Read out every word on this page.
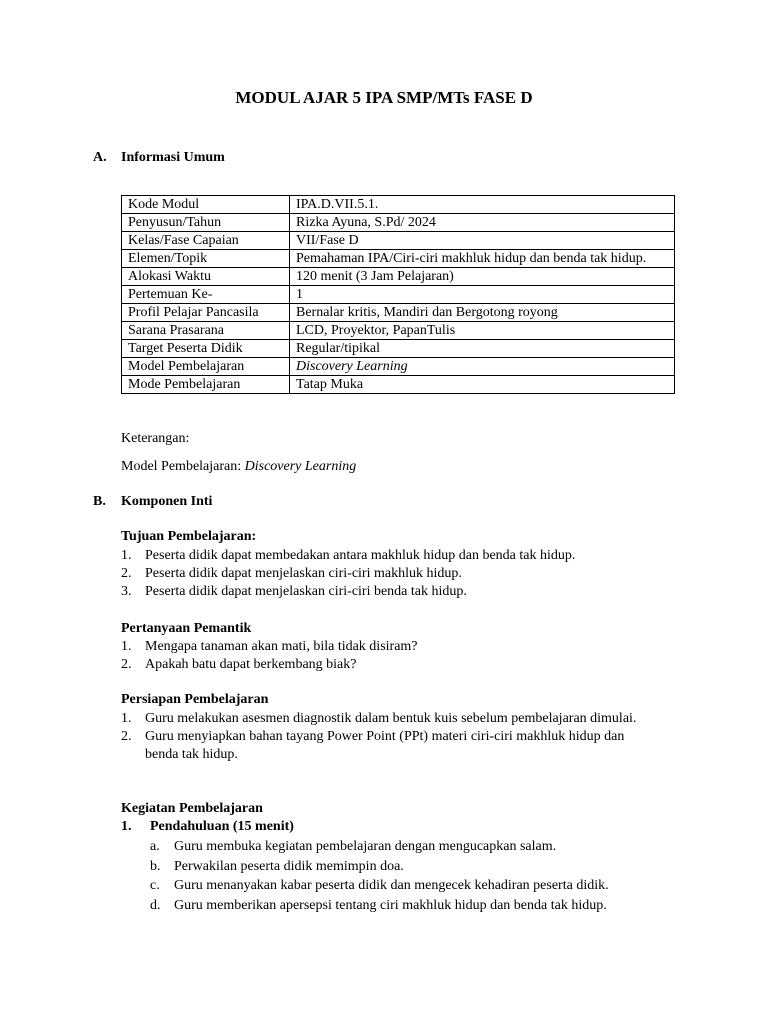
MODUL AJAR 5 IPA SMP/MTs FASE D
A. Informasi Umum
Kode Modul	IPA.D.VII.5.1.
Penyusun/Tahun	Rizka Ayuna, S.Pd/ 2024
Kelas/Fase Capaian	VII/Fase D
Elemen/Topik	Pemahaman IPA/Ciri-ciri makhluk hidup dan benda tak hidup.
Alokasi Waktu	120 menit (3 Jam Pelajaran)
Pertemuan Ke-	1
Profil Pelajar Pancasila	Bernalar kritis, Mandiri dan Bergotong royong
Sarana Prasarana	LCD, Proyektor, PapanTulis
Target Peserta Didik	Regular/tipikal
Model Pembelajaran	Discovery Learning
Mode Pembelajaran	Tatap Muka
Keterangan:
Model Pembelajaran: Discovery Learning
B. Komponen Inti
Tujuan Pembelajaran:
1. Peserta didik dapat membedakan antara makhluk hidup dan benda tak hidup.
2. Peserta didik dapat menjelaskan ciri-ciri makhluk hidup.
3. Peserta didik dapat menjelaskan ciri-ciri benda tak hidup.
Pertanyaan Pemantik
1. Mengapa tanaman akan mati, bila tidak disiram?
2. Apakah batu dapat berkembang biak?
Persiapan Pembelajaran
1. Guru melakukan asesmen diagnostik dalam bentuk kuis sebelum pembelajaran dimulai.
2. Guru menyiapkan bahan tayang Power Point (PPt) materi ciri-ciri makhluk hidup dan benda tak hidup.
Kegiatan Pembelajaran
1. Pendahuluan (15 menit)
a. Guru membuka kegiatan pembelajaran dengan mengucapkan salam.
b. Perwakilan peserta didik memimpin doa.
c. Guru menanyakan kabar peserta didik dan mengecek kehadiran peserta didik.
d. Guru memberikan apersepsi tentang ciri makhluk hidup dan benda tak hidup.
